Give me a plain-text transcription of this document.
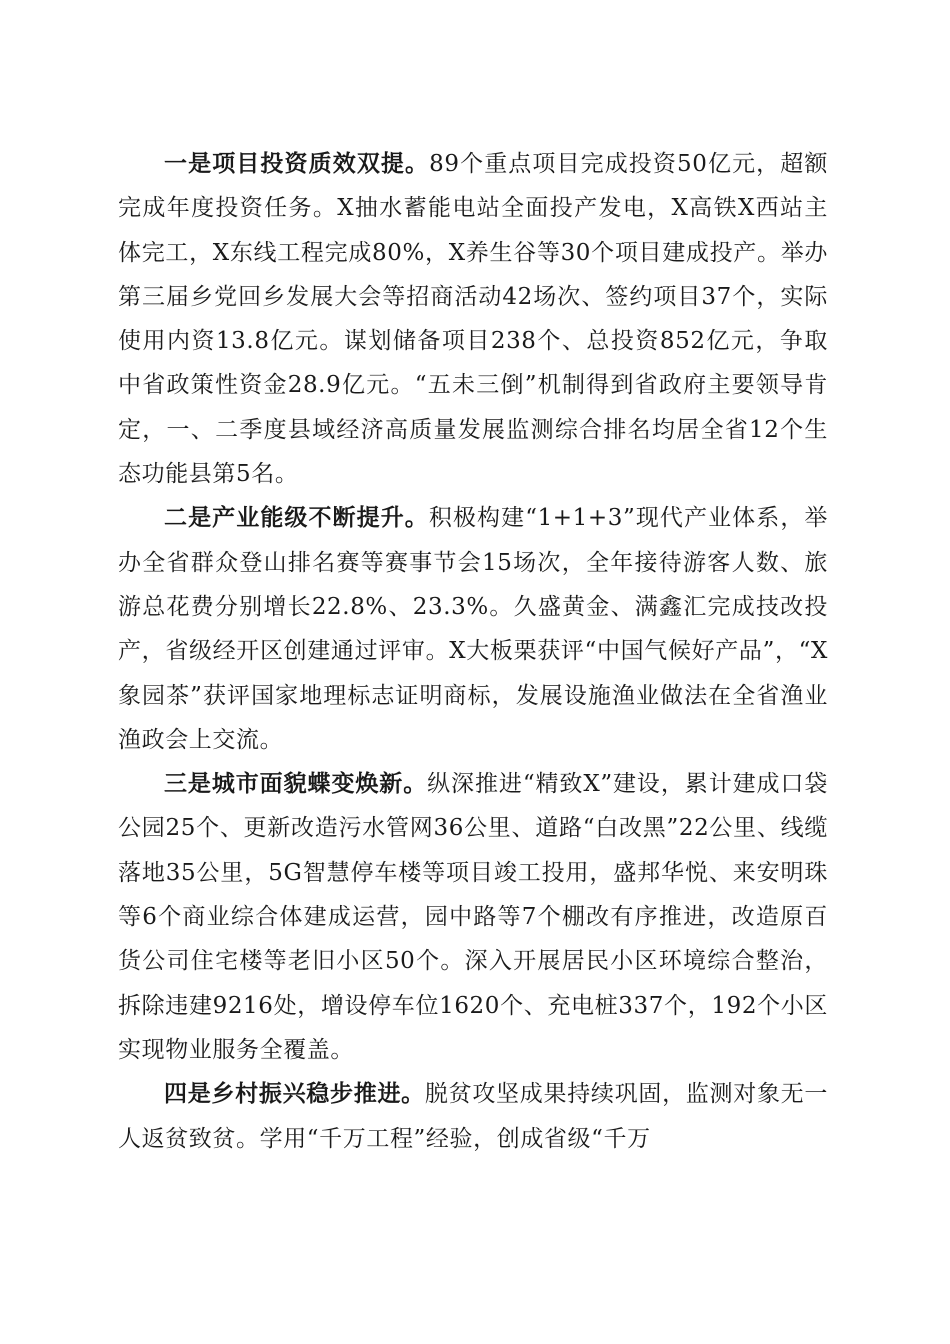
一是项目投资质效双提。89个重点项目完成投资50亿元，超额完成年度投资任务。X抽水蓄能电站全面投产发电，X高铁X西站主体完工，X东线工程完成80%，X养生谷等30个项目建成投产。举办第三届乡党回乡发展大会等招商活动42场次、签约项目37个，实际使用内资13.8亿元。谋划储备项目238个、总投资852亿元，争取中省政策性资金28.9亿元。“五未三倒”机制得到省政府主要领导肯定，一、二季度县域经济高质量发展监测综合排名均居全省12个生态功能县第5名。

二是产业能级不断提升。积极构建“1+1+3”现代产业体系，举办全省群众登山排名赛等赛事节会15场次，全年接待游客人数、旅游总花费分别增长22.8%、23.3%。久盛黄金、满鑫汇完成技改投产，省级经开区创建通过评审。X大板栗获评“中国气候好产品”，“X象园茶”获评国家地理标志证明商标，发展设施渔业做法在全省渔业渔政会上交流。

三是城市面貌蝶变焕新。纵深推进“精致X”建设，累计建成口袋公园25个、更新改造污水管网36公里、道路“白改黑”22公里、线缆落地35公里，5G智慧停车楼等项目竣工投用，盛邦华悦、来安明珠等6个商业综合体建成运营，园中路等7个棚改有序推进，改造原百货公司住宅楼等老旧小区50个。深入开展居民小区环境综合整治，拆除违建9216处，增设停车位1620个、充电桩337个，192个小区实现物业服务全覆盖。

四是乡村振兴稳步推进。脱贫攻坚成果持续巩固，监测对象无一人返贫致贫。学用“千万工程”经验，创成省级“千万
